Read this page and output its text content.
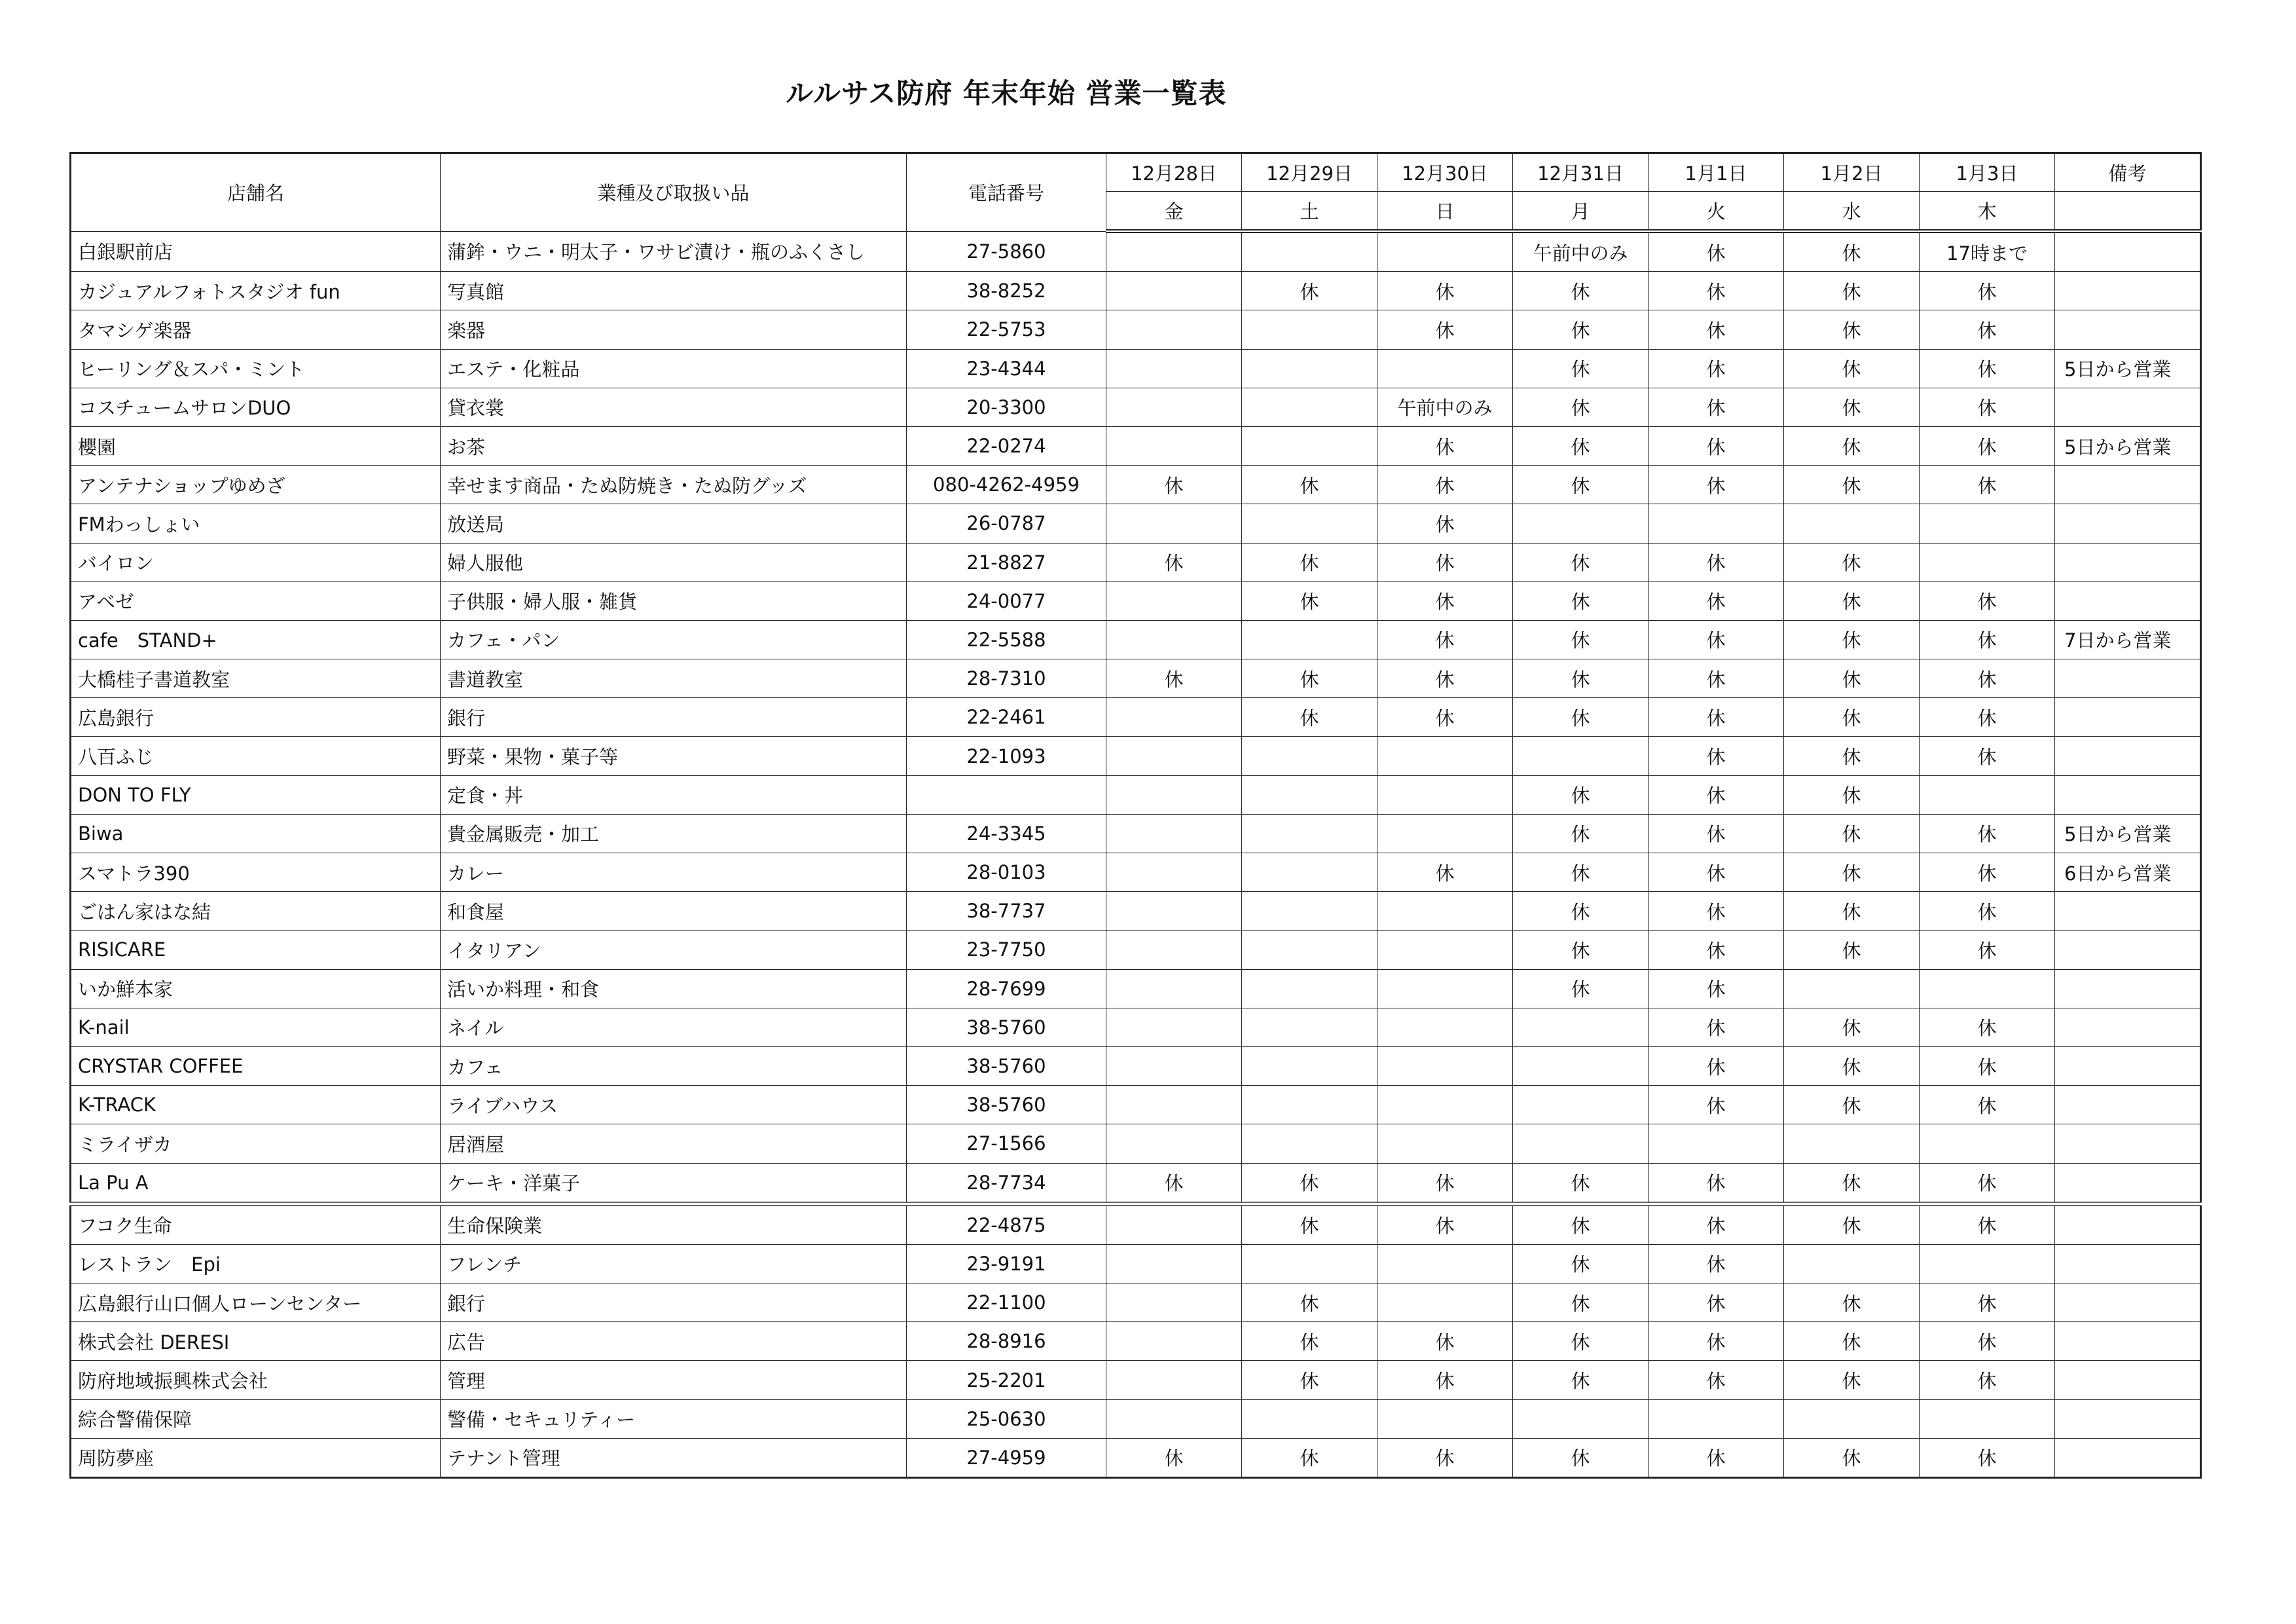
ルルサス防府 年末年始 営業一覧表
店舗名	業種及び取扱い品	電話番号	12月28日	12月29日	12月30日	12月31日	1月1日	1月2日	1月3日	備考
			金	土	日	月	火	水	木	
白銀駅前店	蒲鉾・ウニ・明太子・ワサビ漬け・瓶のふくさし	27-5860				午前中のみ	休	休	17時まで	
カジュアルフォトスタジオ fun	写真館	38-8252		休	休	休	休	休	休	
タマシゲ楽器	楽器	22-5753			休	休	休	休	休	
ヒーリング＆スパ・ミント	エステ・化粧品	23-4344				休	休	休	休	5日から営業
コスチュームサロンDUO	貸衣裳	20-3300			午前中のみ	休	休	休	休	
櫻園	お茶	22-0274			休	休	休	休	休	5日から営業
アンテナショップゆめざ	幸せます商品・たぬ防焼き・たぬ防グッズ	080-4262-4959	休	休	休	休	休	休	休	
FMわっしょい	放送局	26-0787			休					
バイロン	婦人服他	21-8827	休	休	休	休	休	休		
アベゼ	子供服・婦人服・雑貨	24-0077		休	休	休	休	休	休	
cafe　STAND+	カフェ・パン	22-5588			休	休	休	休	休	7日から営業
大橋桂子書道教室	書道教室	28-7310	休	休	休	休	休	休	休	
広島銀行	銀行	22-2461		休	休	休	休	休	休	
八百ふじ	野菜・果物・菓子等	22-1093					休	休	休	
DON TO FLY	定食・丼					休	休	休		
Biwa	貴金属販売・加工	24-3345				休	休	休	休	5日から営業
スマトラ390	カレー	28-0103			休	休	休	休	休	6日から営業
ごはん家はな結	和食屋	38-7737				休	休	休	休	
RISICARE	イタリアン	23-7750				休	休	休	休	
いか鮮本家	活いか料理・和食	28-7699				休	休			
K-nail	ネイル	38-5760					休	休	休	
CRYSTAR COFFEE	カフェ	38-5760					休	休	休	
K-TRACK	ライブハウス	38-5760					休	休	休	
ミライザカ	居酒屋	27-1566								
La Pu A	ケーキ・洋菓子	28-7734	休	休	休	休	休	休	休	
フコク生命	生命保険業	22-4875		休	休	休	休	休	休	
レストラン　Epi	フレンチ	23-9191				休	休			
広島銀行山口個人ローンセンター	銀行	22-1100		休		休	休	休	休	
株式会社 DERESI	広告	28-8916		休	休	休	休	休	休	
防府地域振興株式会社	管理	25-2201		休	休	休	休	休	休	
綜合警備保障	警備・セキュリティー	25-0630								
周防夢座	テナント管理	27-4959	休	休	休	休	休	休	休	
